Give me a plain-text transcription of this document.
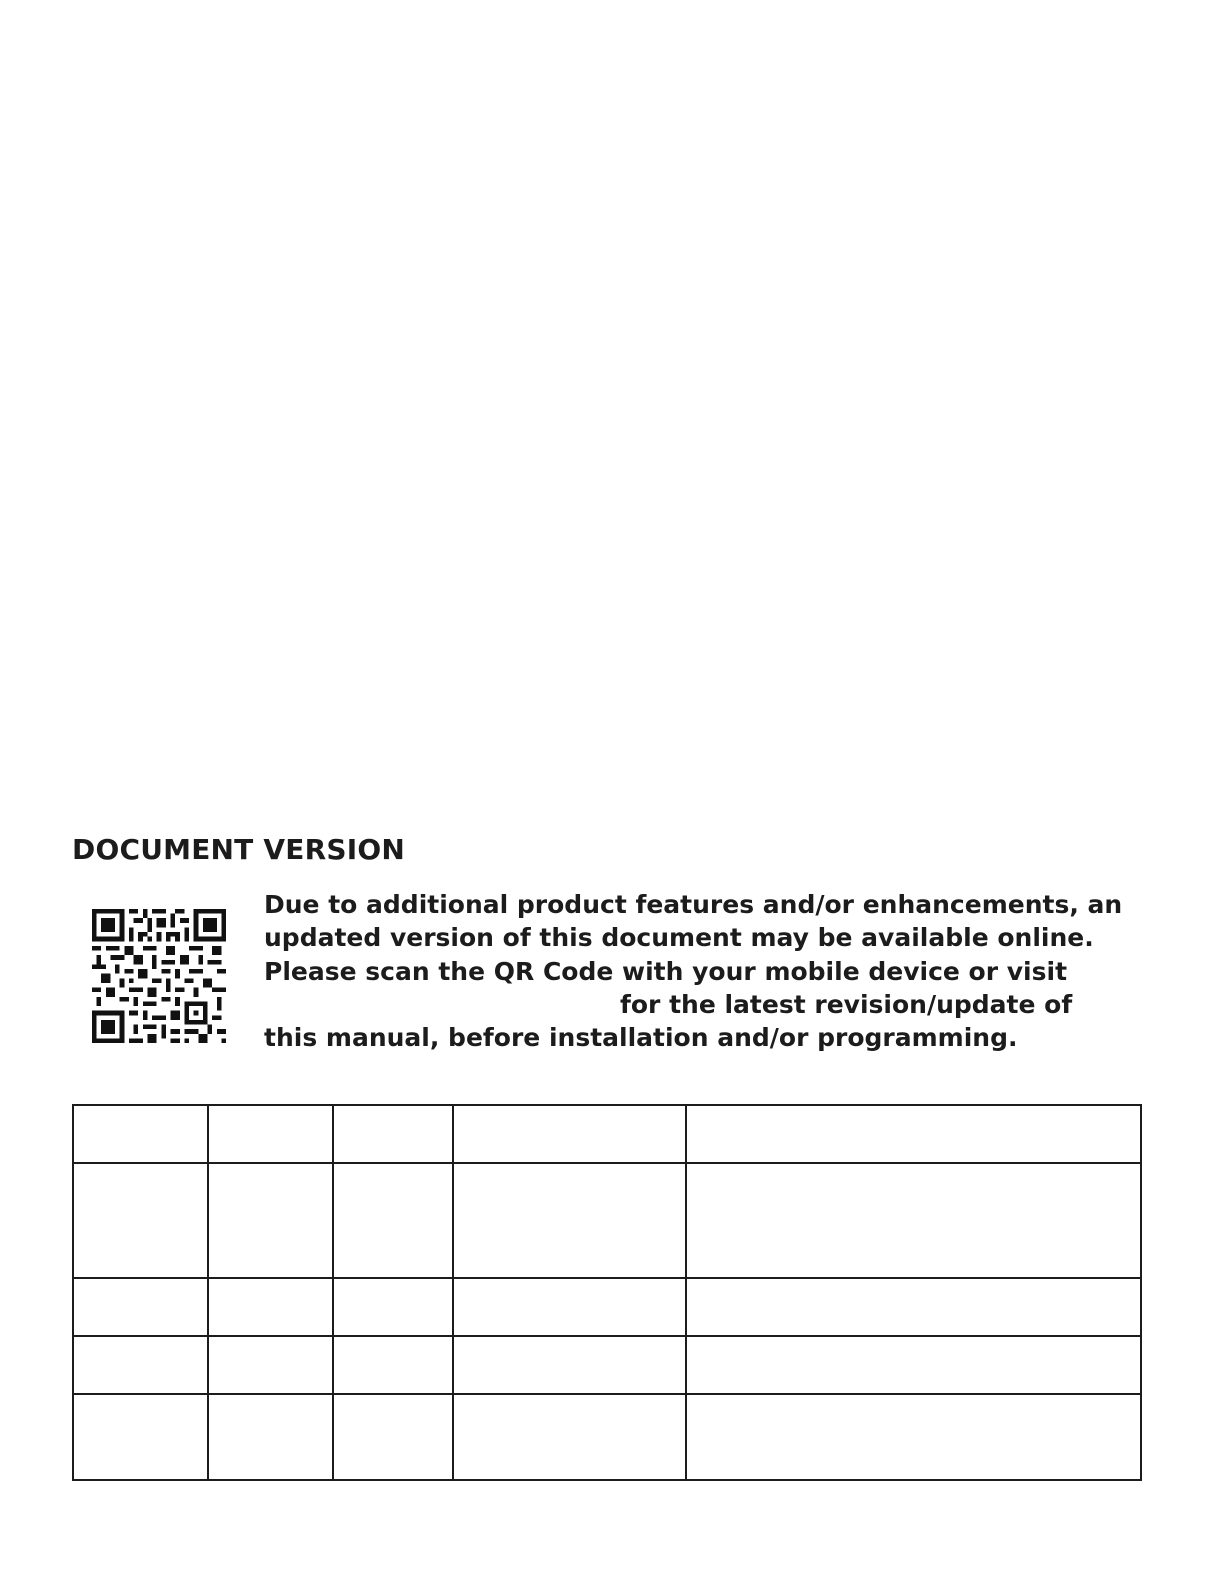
DOCUMENT VERSION

Due to additional product features and/or enhancements, an
updated version of this document may be available online.
Please scan the QR Code with your mobile device or visit
for the latest revision/update of
this manual, before installation and/or programming.
